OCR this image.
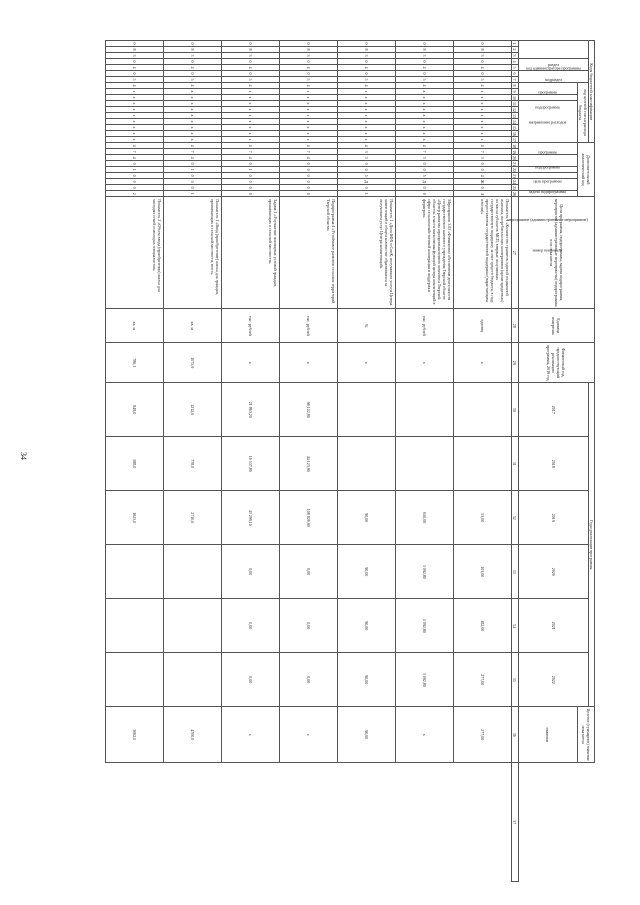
34
Коды бюджетной классификации																	Дополнительный аналитический код									Цели программы, подпрограммы, задачи подпрограммы, мероприятия (административные мероприятия) подпрограммы и их показатели	Единица измерения	Финансовый год, предшествующий реализации программы, 2016 год	Годы реализации программы						Целевое (суммарное) значение показателя	
код администратора программы			раздел		подраздел		код целевой статьи расхода бюджета																						2017	2018	2019	2020	2021	2022		
							программа		подпрограмма	направление расходов																										
																	программа		подпрограмма		цель программы	задача подпрограммы	мероприятие (административное мероприятие)		номер показателя										значение	
1	2	3	4	5	6	7	8	9	10	11	12	13	14	15	16	17	18	19	20	21	22	23	24	25	26	27	28	29	30	31	32	33	34	35	36	37
0	8	3	0	4	0	5	4	x	x	x	x	x	x	x	x	x	4	7	3	0	0	4	Ж	0	4	Показатель 1 «Количество гранитов, единой социальной выплаты, потребительских кооперативов (кроме кредитных) из числа субъектов МСП, впервые получивших государственную поддержку за счет средств бюджета, в году предоставления государственной поддержки (нарастающим итогом)»	единиц	х			53,00	103,00	182,00	277,00	277,00	
0	8	3	0	4	0	5	4	x	x	x	x	x	x	x	x	x	4	7	3	0	0	5	Д	0	0	Мероприятие 3.05 «Финансовое обеспечение деятельности государственного казенного учреждения Тверской области «Центр развития агропромышленного комплекса Тверской области» в части выполнения функций центра компетенций в сфере сельскохозяйственной кооперации и поддержки фермеров»	тыс. рублей	х			650,00	3 092,80	3 092,80	3 092,80	х	
0	8	3	0	4	0	5	4	x	x	x	x	x	x	x	x	x	4	3	3	0	0	5	Д	0	1	Показатель 1 «Доля КФХ и СпоК, получивших услуги Центра компетенций в общем количестве обратившихся за получением услуг Центра компетенций»	%	х			90,00	90,00	90,00	90,00	90,00	
0	8	3	0	4	0	5	4	x	x	x	x	x	x	x	x	x	4	7	4	0	0	0	0	0	0	Подпрограмма 4 «Устойчивое развитие сельских территорий Тверской области»	тыс. рублей	х	96 122,80	44 123,90	108 826,90	0,00	0,00	0,00	х	
0	8	3	0	4	0	5	4	x	x	x	x	x	x	x	x	x	4	7	4	0	1	0	0	0	0	Задача 1 «Улучшение жилищных условий граждан, проживающих в сельской местности»	тыс. рублей	х	21 863,20	16 537,80	43 299,10	0,00	0,00	0,00	х	
0	8	3	0	4	0	5	4	x	x	x	x	x	x	x	x	x	4	7	4	0	1	0	0	0	1	Показатель 1 «Ввод (приобретение) жилья для граждан, проживающих в сельской местности, всего»	кв. м	1075,9	1212,0	778,0	2710,0				4700,0	
0	8	3	0	4	0	5	4	x	x	x	x	x	x	x	x	x	4	7	4	0	1	0	0	0	2	Показатель 2 «Объем ввода (приобретения) жилья для молодых семей и молодых специалистов»	кв. м	786,1	849,0	588,0	1625,0				3062,0	
